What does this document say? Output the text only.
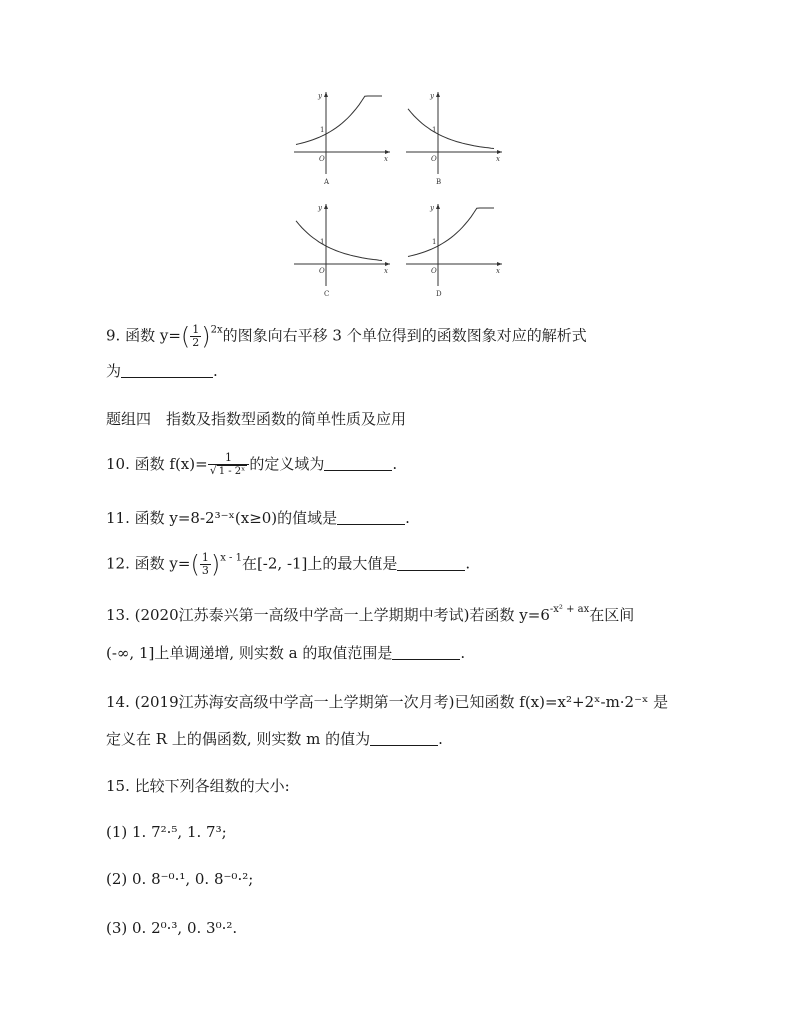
y
x
O
1
A
y
x
O
1
B
y
x
O
1
C
y
x
O
1
D
9. 函数 $y=( \frac{1}{2} )^{2x}$的图象向右平移 3 个单位得到的函数图象对应的解析式
为	.
题组四　指数及指数型函数的简单性质及应用
10. 函数 $f(x)= \frac{1}{\text{√ 1 - 2ˣ}}$ 的定义域为	.
11. 函数 y=8-2³⁻ˣ(x≥0)的值域是	.
12. 函数 $y=( \frac{1}{3} )^{x - 1}$在[-2, -1]上的最大值是	.
13. (2020江苏泰兴第一高级中学高一上学期期中考试)若函数 $y=6^{-x^2 + ax}$在区间
(-∞, 1]上单调递增, 则实数 a 的取值范围是	.
14. (2019江苏海安高级中学高一上学期第一次月考)已知函数 f(x)=x²+2ˣ-m·2⁻ˣ 是
定义在 R 上的偶函数, 则实数 m 的值为	.
15. 比较下列各组数的大小:
(1) 1. 7²·⁵, 1. 7³;
(2) 0. 8⁻⁰·¹, 0. 8⁻⁰·²;
(3) 0. 2⁰·³, 0. 3⁰·².
